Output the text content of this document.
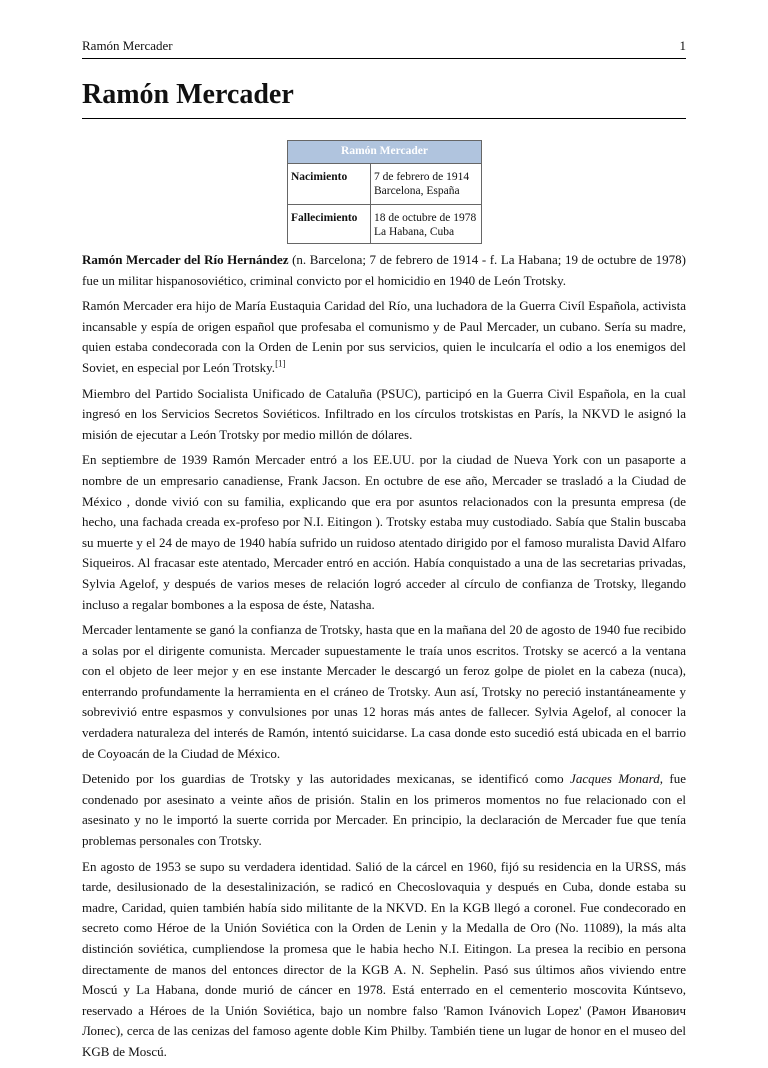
Ramón Mercader	1
Ramón Mercader
Ramón Mercader	
Nacimiento	7 de febrero de 1914
Barcelona, España
Fallecimiento	18 de octubre de 1978
La Habana, Cuba

Ramón Mercader del Río Hernández (n. Barcelona; 7 de febrero de 1914 - f. La Habana; 19 de octubre de 1978) fue un militar hispanosoviético, criminal convicto por el homicidio en 1940 de León Trotsky.

Ramón Mercader era hijo de María Eustaquia Caridad del Río, una luchadora de la Guerra Civíl Española, activista incansable y espía de origen español que profesaba el comunismo y de Paul Mercader, un cubano. Sería su madre, quien estaba condecorada con la Orden de Lenin por sus servicios, quien le inculcaría el odio a los enemigos del Soviet, en especial por León Trotsky.[1]

Miembro del Partido Socialista Unificado de Cataluña (PSUC), participó en la Guerra Civil Española, en la cual ingresó en los Servicios Secretos Soviéticos. Infiltrado en los círculos trotskistas en París, la NKVD le asignó la misión de ejecutar a León Trotsky por medio millón de dólares.

En septiembre de 1939 Ramón Mercader entró a los EE.UU. por la ciudad de Nueva York con un pasaporte a nombre de un empresario canadiense, Frank Jacson. En octubre de ese año, Mercader se trasladó a la Ciudad de México , donde vivió con su familia, explicando que era por asuntos relacionados con la presunta empresa (de hecho, una fachada creada ex-profeso por N.I. Eitingon ). Trotsky estaba muy custodiado. Sabía que Stalin buscaba su muerte y el 24 de mayo de 1940 había sufrido un ruidoso atentado dirigido por el famoso muralista David Alfaro Siqueiros. Al fracasar este atentado, Mercader entró en acción. Había conquistado a una de las secretarias privadas, Sylvia Agelof, y después de varios meses de relación logró acceder al círculo de confianza de Trotsky, llegando incluso a regalar bombones a la esposa de éste, Natasha.

Mercader lentamente se ganó la confianza de Trotsky, hasta que en la mañana del 20 de agosto de 1940 fue recibido a solas por el dirigente comunista. Mercader supuestamente le traía unos escritos. Trotsky se acercó a la ventana con el objeto de leer mejor y en ese instante Mercader le descargó un feroz golpe de piolet en la cabeza (nuca), enterrando profundamente la herramienta en el cráneo de Trotsky. Aun así, Trotsky no pereció instantáneamente y sobrevivió entre espasmos y convulsiones por unas 12 horas más antes de fallecer. Sylvia Agelof, al conocer la verdadera naturaleza del interés de Ramón, intentó suicidarse. La casa donde esto sucedió está ubicada en el barrio de Coyoacán de la Ciudad de México.

Detenido por los guardias de Trotsky y las autoridades mexicanas, se identificó como Jacques Monard, fue condenado por asesinato a veinte años de prisión. Stalin en los primeros momentos no fue relacionado con el asesinato y no le importó la suerte corrida por Mercader. En principio, la declaración de Mercader fue que tenía problemas personales con Trotsky.

En agosto de 1953 se supo su verdadera identidad. Salió de la cárcel en 1960, fijó su residencia en la URSS, más tarde, desilusionado de la desestalinización, se radicó en Checoslovaquia y después en Cuba, donde estaba su madre, Caridad, quien también había sido militante de la NKVD. En la KGB llegó a coronel. Fue condecorado en secreto como Héroe de la Unión Soviética con la Orden de Lenin y la Medalla de Oro (No. 11089), la más alta distinción soviética, cumpliendose la promesa que le habia hecho N.I. Eitingon. La presea la recibio en persona directamente de manos del entonces director de la KGB A. N. Sephelin. Pasó sus últimos años viviendo entre Moscú y La Habana, donde murió de cáncer en 1978. Está enterrado en el cementerio moscovita Kúntsevo, reservado a Héroes de la Unión Soviética, bajo un nombre falso 'Ramon Ivánovich Lopez' (Рамон Иванович Лопес), cerca de las cenizas del famoso agente doble Kim Philby. También tiene un lugar de honor en el museo del KGB de Moscú.
